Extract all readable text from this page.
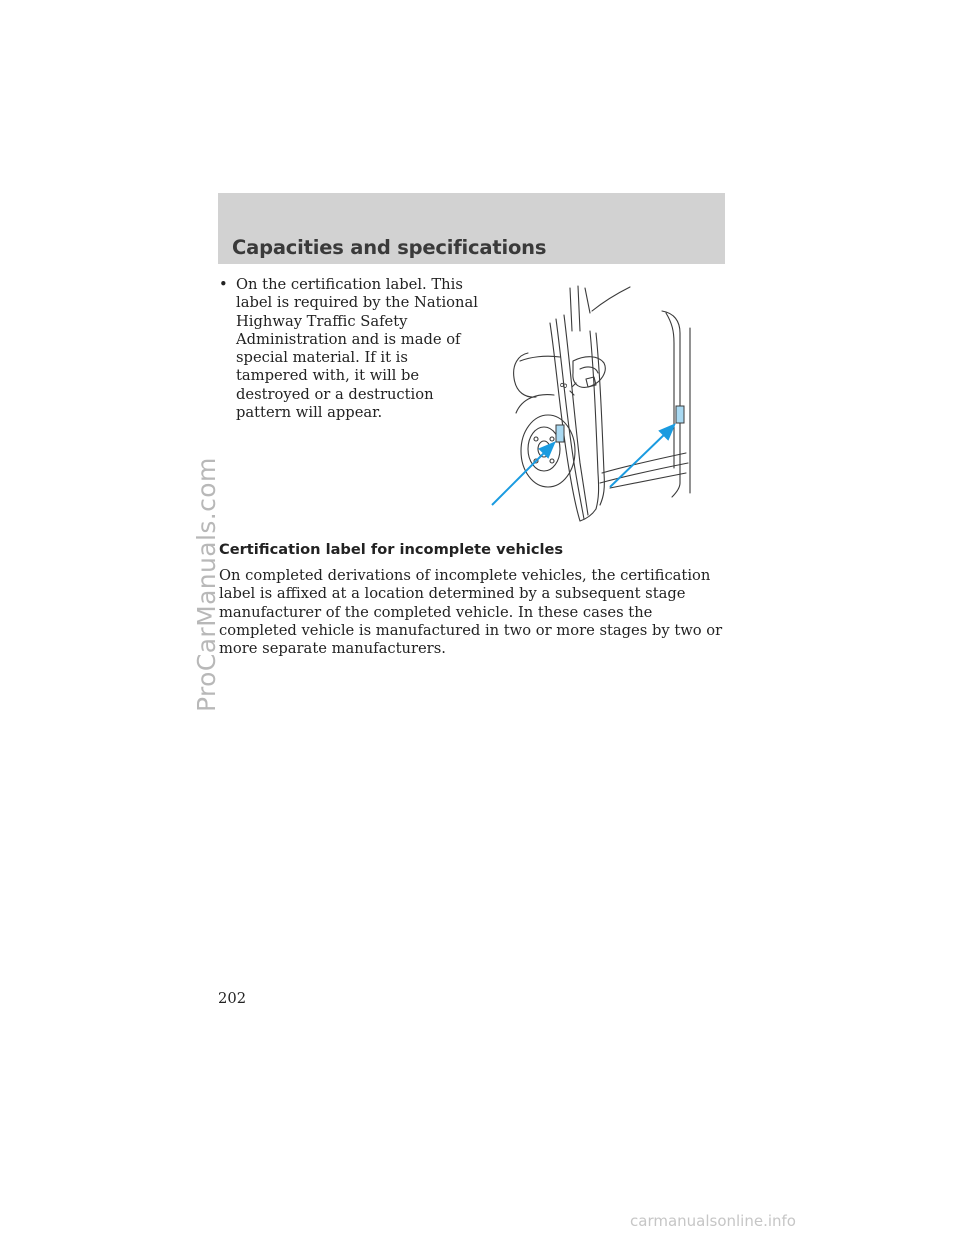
ProCarManuals.com
Capacities and specifications
• On the certification label. This label is required by the National Highway Traffic Safety Administration and is made of special material. If it is tampered with, it will be destroyed or a destruction pattern will appear.
8
Certification label for incomplete vehicles

On completed derivations of incomplete vehicles, the certification label is affixed at a location determined by a subsequent stage manufacturer of the completed vehicle. In these cases the completed vehicle is manufactured in two or more stages by two or more separate manufacturers.

202
carmanualsonline.info
